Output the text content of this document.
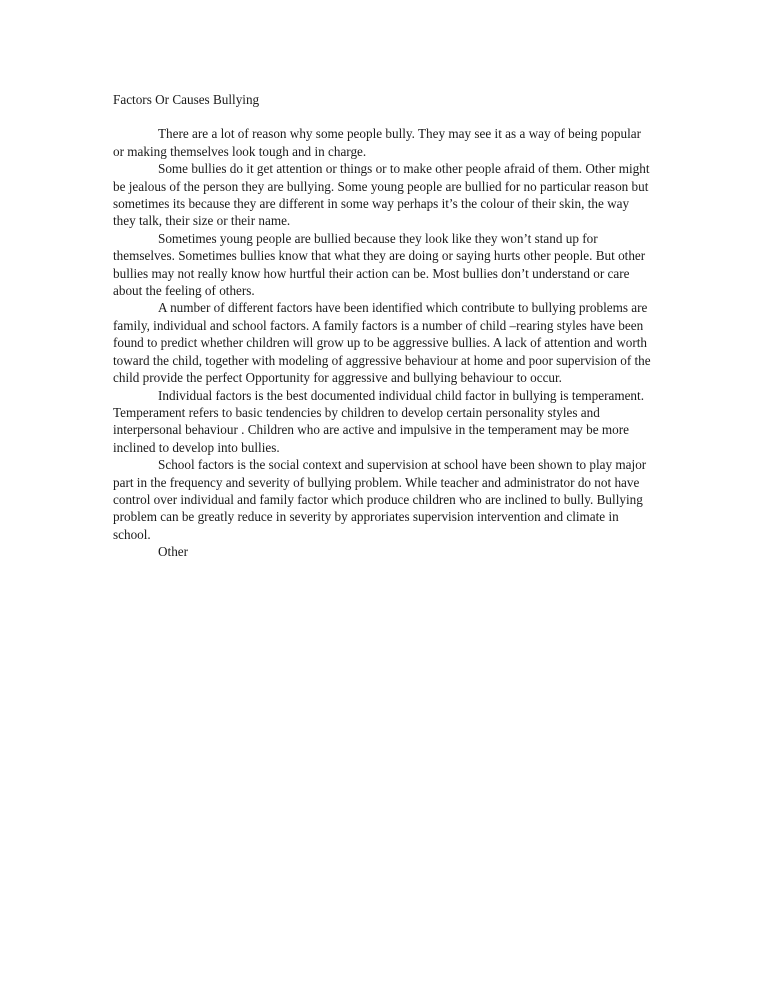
Factors Or Causes Bullying

There are a lot of reason why some people bully. They may see it as a way of being popular or making themselves look tough and in charge.

Some bullies do it get attention or things or to make other people afraid of them. Other might be jealous of the person they are bullying. Some young people are bullied for no particular reason but sometimes its because they are different in some way perhaps it’s the colour of their skin, the way they talk, their size or their name.

Sometimes young people are bullied because they look like they won’t stand up for themselves. Sometimes bullies know that what they are doing or saying hurts other people. But other bullies may not really know how hurtful their action can be. Most bullies don’t understand or care about the feeling of others.

A number of different factors have been identified which contribute to bullying problems are family, individual and school factors. A family factors is a number of child –rearing styles have been found to predict whether children will grow up to be aggressive bullies. A lack of attention and worth toward the child, together with modeling of aggressive behaviour at home and poor supervision of the child provide the perfect Opportunity for aggressive and bullying behaviour to occur.

Individual factors is the best documented individual child factor in bullying is temperament. Temperament refers to basic tendencies by children to develop certain personality styles and interpersonal behaviour . Children who are active and impulsive in the temperament may be more inclined to develop into bullies.

School factors is the social context and supervision at school have been shown to play major part in the frequency and severity of bullying problem. While teacher and administrator do not have control over individual and family factor which produce children who are inclined to bully. Bullying problem can be greatly reduce in severity by approriates supervision intervention and climate in school.

Other
